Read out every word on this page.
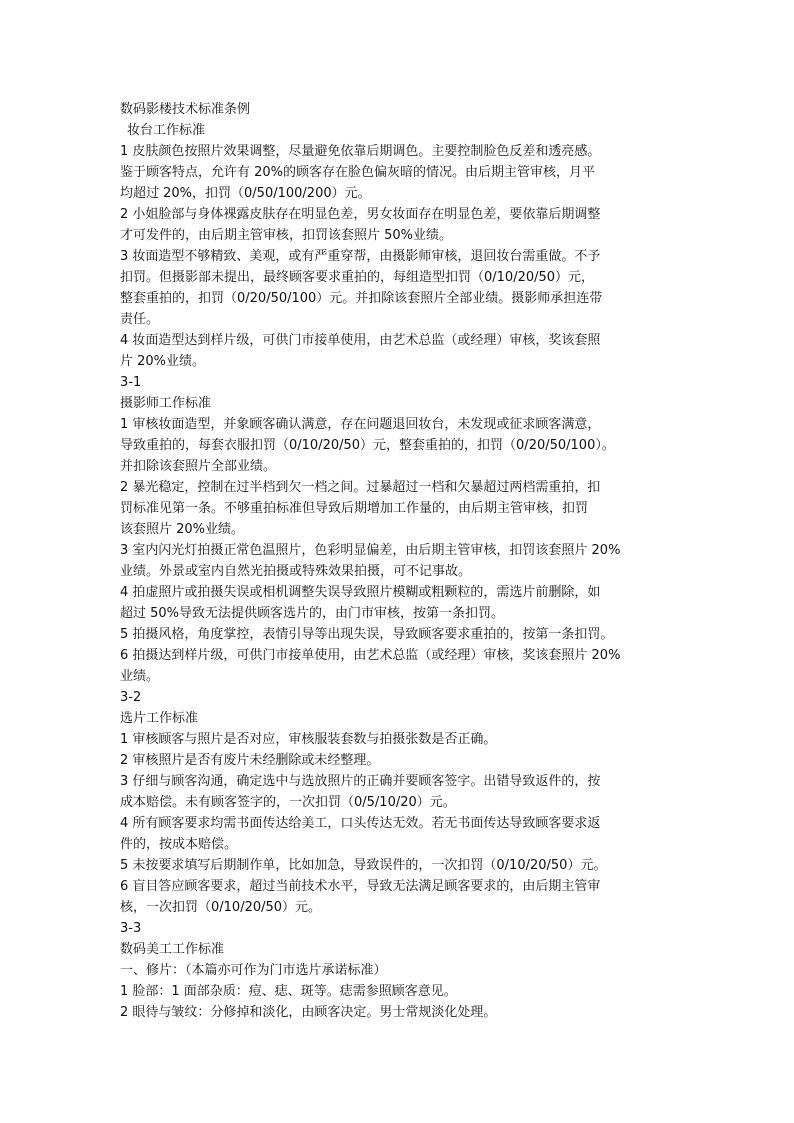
数码影楼技术标准条例
妆台工作标准
1 皮肤颜色按照片效果调整，尽量避免依靠后期调色。主要控制脸色反差和透亮感。
鉴于顾客特点，允许有 20%的顾客存在脸色偏灰暗的情况。由后期主管审核，月平
均超过 20%，扣罚（0/50/100/200）元。
2 小姐脸部与身体裸露皮肤存在明显色差，男女妆面存在明显色差，要依靠后期调整
才可发件的，由后期主管审核，扣罚该套照片 50%业绩。
3 妆面造型不够精致、美观，或有严重穿帮，由摄影师审核，退回妆台需重做。不予
扣罚。但摄影部未提出，最终顾客要求重拍的，每组造型扣罚（0/10/20/50）元，
整套重拍的，扣罚（0/20/50/100）元。并扣除该套照片全部业绩。摄影师承担连带
责任。
4 妆面造型达到样片级，可供门市接单使用，由艺术总监（或经理）审核，奖该套照
片 20%业绩。
3-1
摄影师工作标准
1 审核妆面造型，并象顾客确认满意，存在问题退回妆台，未发现或征求顾客满意，
导致重拍的，每套衣服扣罚（0/10/20/50）元，整套重拍的，扣罚（0/20/50/100）。
并扣除该套照片全部业绩。
2 暴光稳定，控制在过半档到欠一档之间。过暴超过一档和欠暴超过两档需重拍，扣
罚标准见第一条。不够重拍标准但导致后期增加工作量的，由后期主管审核，扣罚
该套照片 20%业绩。
3 室内闪光灯拍摄正常色温照片，色彩明显偏差，由后期主管审核，扣罚该套照片 20%
业绩。外景或室内自然光拍摄或特殊效果拍摄，可不记事故。
4 拍虚照片或拍摄失误或相机调整失误导致照片模糊或粗颗粒的，需选片前删除，如
超过 50%导致无法提供顾客选片的，由门市审核，按第一条扣罚。
5 拍摄风格，角度掌控，表情引导等出现失误，导致顾客要求重拍的，按第一条扣罚。
6 拍摄达到样片级，可供门市接单使用，由艺术总监（或经理）审核，奖该套照片 20%
业绩。
3-2
选片工作标准
1 审核顾客与照片是否对应，审核服装套数与拍摄张数是否正确。
2 审核照片是否有废片未经删除或未经整理。
3 仔细与顾客沟通，确定选中与选放照片的正确并要顾客签字。出错导致返件的，按
成本赔偿。未有顾客签字的，一次扣罚（0/5/10/20）元。
4 所有顾客要求均需书面传达给美工，口头传达无效。若无书面传达导致顾客要求返
件的，按成本赔偿。
5 未按要求填写后期制作单，比如加急，导致误件的，一次扣罚（0/10/20/50）元。
6 盲目答应顾客要求，超过当前技术水平，导致无法满足顾客要求的，由后期主管审
核，一次扣罚（0/10/20/50）元。
3-3
数码美工工作标准
一、修片：（本篇亦可作为门市选片承诺标准）
1 脸部：1 面部杂质：痘、痣、斑等。痣需参照顾客意见。
2 眼待与皱纹：分修掉和淡化，由顾客决定。男士常规淡化处理。
